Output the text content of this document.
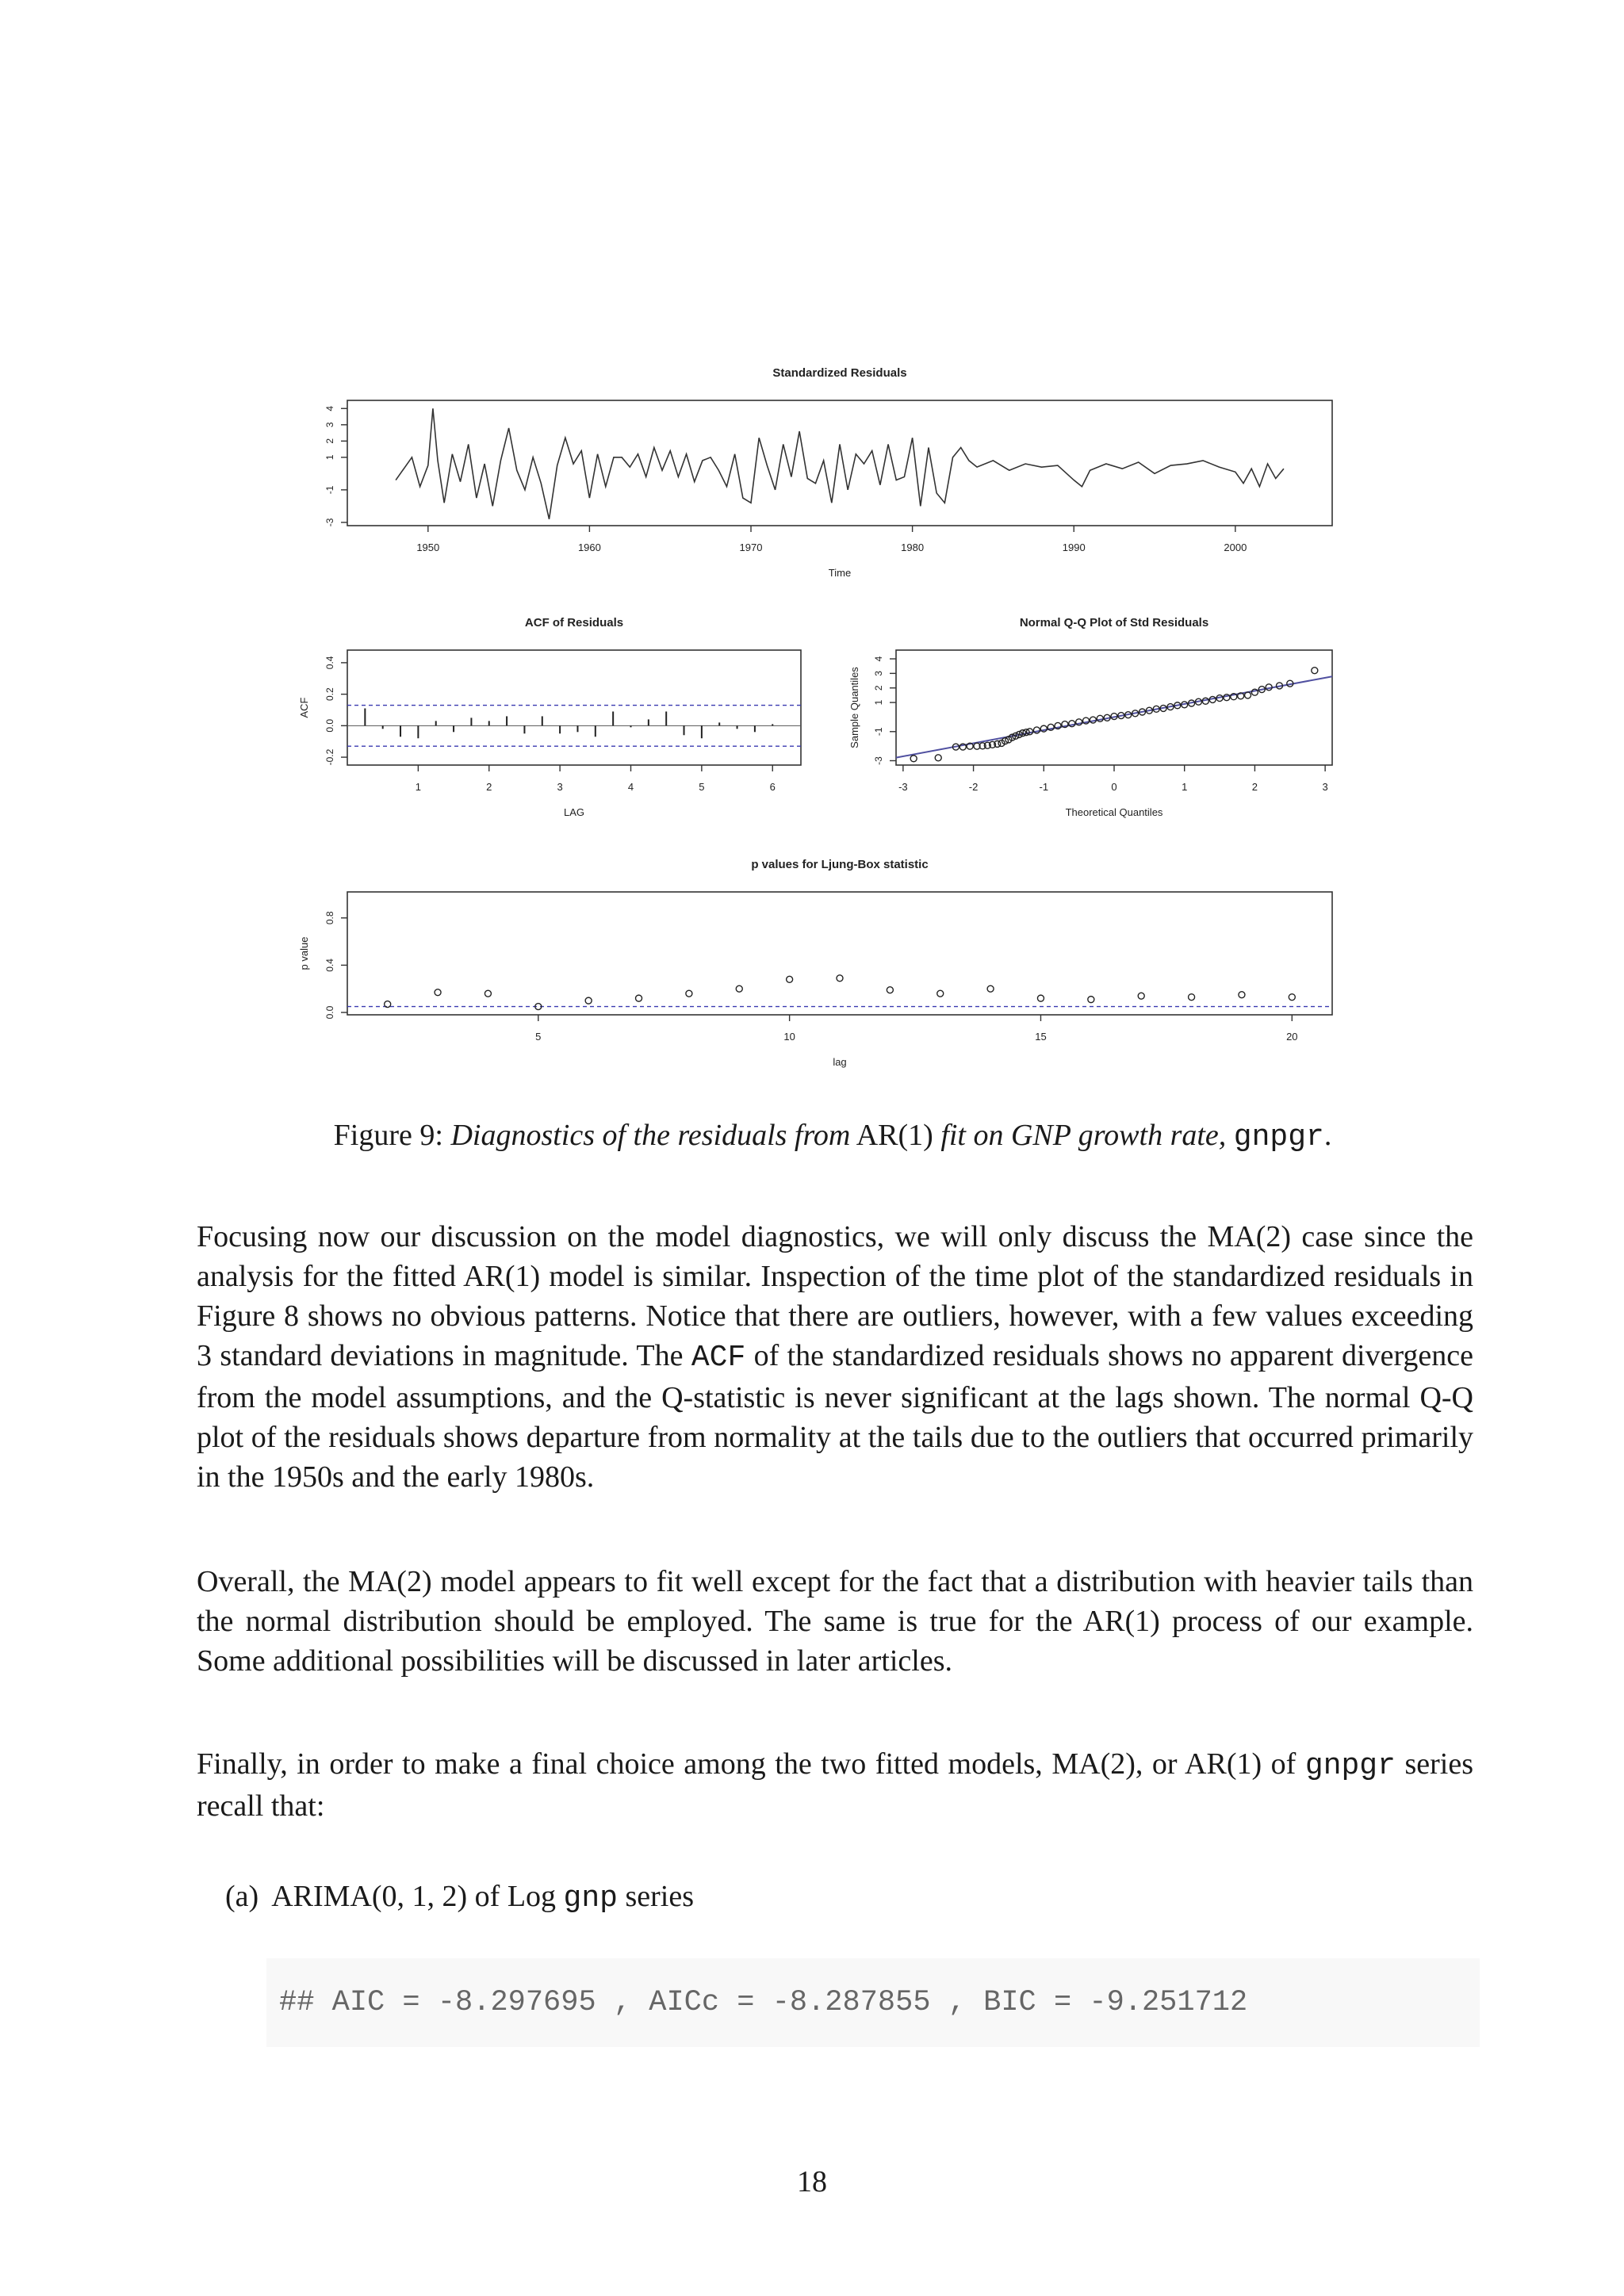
Standardized Residuals
1950	1960	1970	1980	1990	2000
-3
-1
1
2
3
4
Time
ACF of Residuals
1	2	3	4	5	6
-0.2
0.0
0.2
0.4
LAG
ACF
Normal Q-Q Plot of Std Residuals
-3	-2	-1	0	1	2	3
-3
-1
1
2
3
4
Theoretical Quantiles
Sample Quantiles
p values for Ljung-Box statistic
5	10	15	20
0.0
0.4
0.8
lag
p value
Figure 9: Diagnostics of the residuals from AR(1) fit on GNP growth rate, gnpgr.

Focusing now our discussion on the model diagnostics, we will only discuss the MA(2) case since the analysis for the fitted AR(1) model is similar. Inspection of the time plot of the standardized residuals in Figure 8 shows no obvious patterns. Notice that there are outliers, however, with a few values exceeding 3 standard deviations in magnitude. The ACF of the standardized residuals shows no apparent divergence from the model assumptions, and the Q-statistic is never significant at the lags shown. The normal Q-Q plot of the residuals shows departure from normality at the tails due to the outliers that occurred primarily in the 1950s and the early 1980s.

Overall, the MA(2) model appears to fit well except for the fact that a distribution with heavier tails than the normal distribution should be employed. The same is true for the AR(1) process of our example. Some additional possibilities will be discussed in later articles.

Finally, in order to make a final choice among the two fitted models, MA(2), or AR(1) of gnpgr series recall that:

(a) ARIMA(0, 1, 2) of Log gnp series

## AIC = -8.297695 , AICc = -8.287855 , BIC = -9.251712
18
